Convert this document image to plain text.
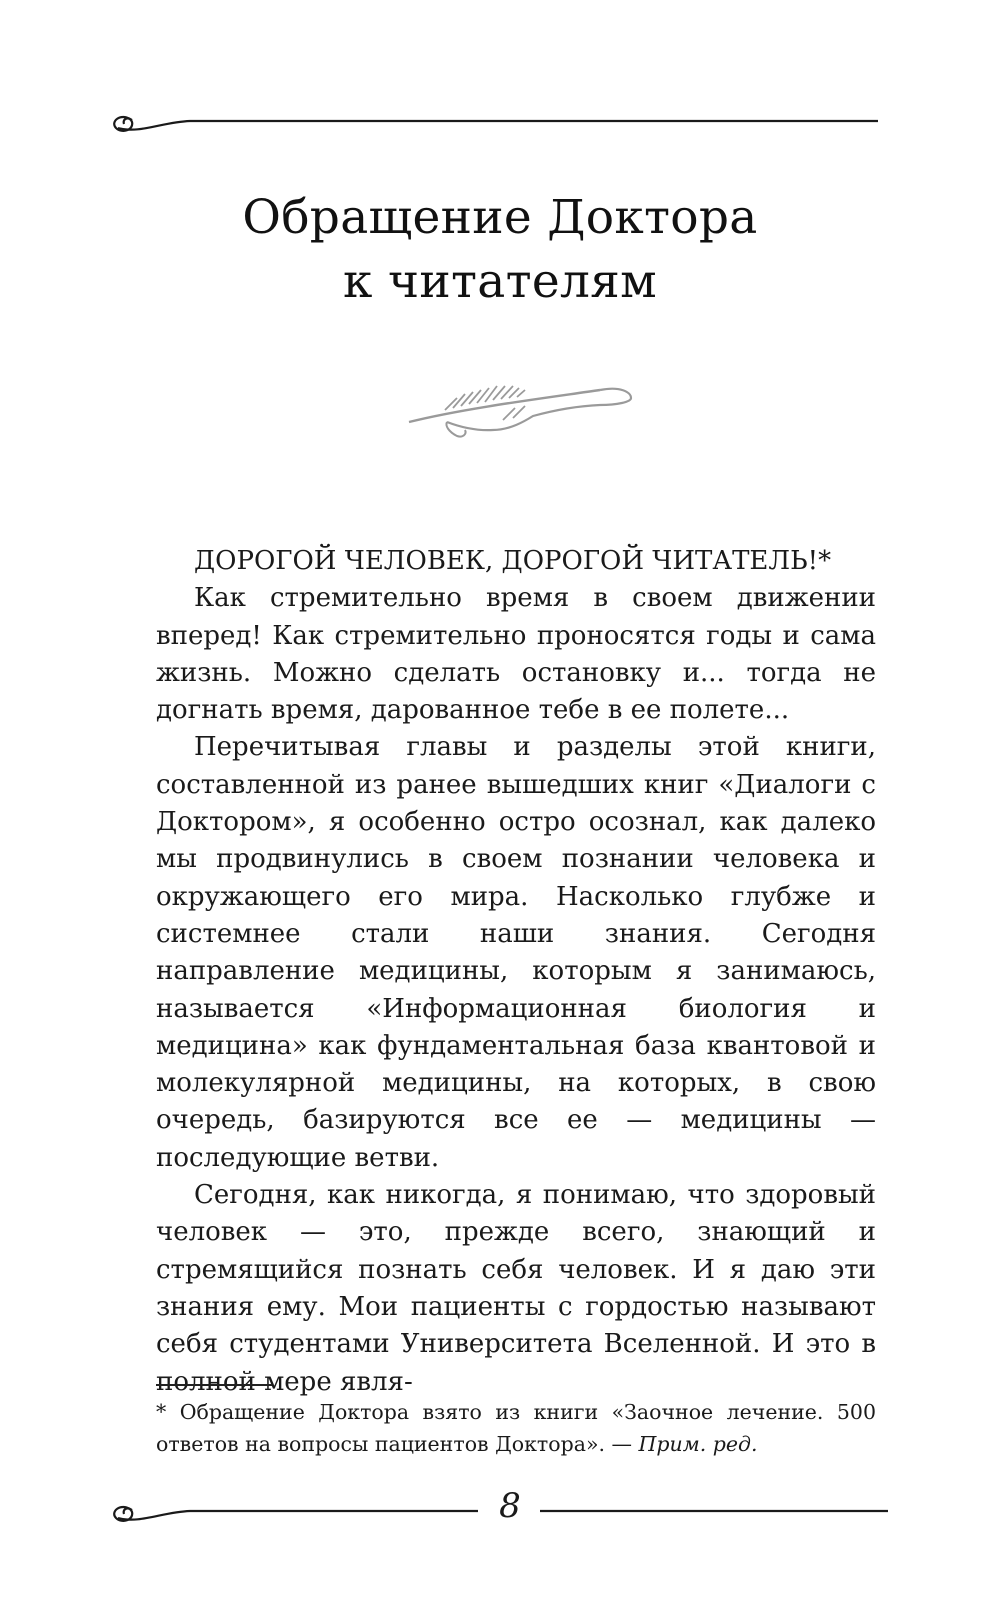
Обращение Доктора
к читателям

ДОРОГОЙ ЧЕЛОВЕК, ДОРОГОЙ ЧИТАТЕЛЬ!*

Как стремительно время в своем движении вперед! Как стремительно проносятся годы и сама жизнь. Можно сделать остановку и... тогда не догнать время, дарованное тебе в ее полете...

Перечитывая главы и разделы этой книги, составленной из ранее вышедших книг «Диалоги с Доктором», я особенно остро осознал, как далеко мы продвинулись в своем познании человека и окружающего его мира. Насколько глубже и системнее стали наши знания. Сегодня направление медицины, которым я занимаюсь, называется «Информационная биология и медицина» как фундаментальная база квантовой и молекулярной медицины, на которых, в свою очередь, базируются все ее — медицины — последующие ветви.

Сегодня, как никогда, я понимаю, что здоровый человек — это, прежде всего, знающий и стремящийся познать себя человек. И я даю эти знания ему. Мои пациенты с гордостью называют себя студентами Университета Вселенной. И это в полной мере явля-

* Обращение Доктора взято из книги «Заочное лечение. 500 ответов на вопросы пациентов Доктора». — Прим. ред.

8
